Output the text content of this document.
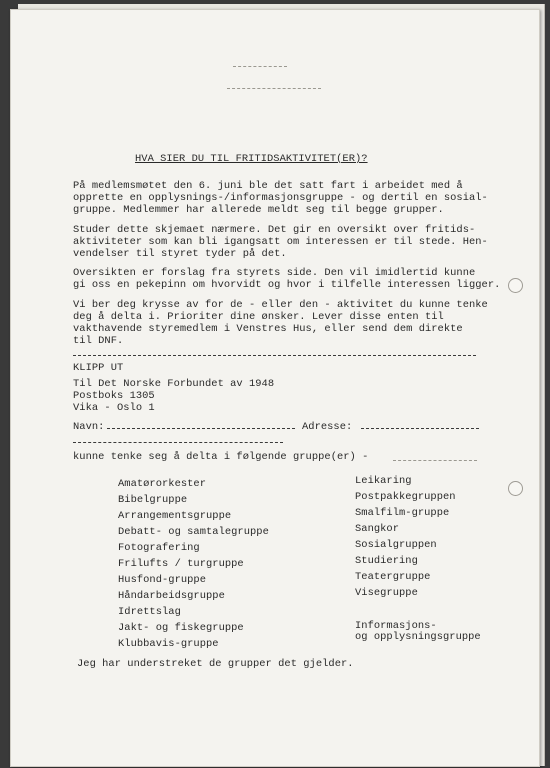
HVA SIER DU TIL FRITIDSAKTIVITET(ER)?
På medlemsmøtet den 6. juni ble det satt fart i arbeidet med å
opprette en opplysnings-/informasjonsgruppe - og dertil en sosial-
gruppe. Medlemmer har allerede meldt seg til begge grupper.
Studer dette skjemaet nærmere. Det gir en oversikt over fritids-
aktiviteter som kan bli igangsatt om interessen er til stede. Hen-
vendelser til styret tyder på det.
Oversikten er forslag fra styrets side. Den vil imidlertid kunne
gi oss en pekepinn om hvorvidt og hvor i tilfelle interessen ligger.
Vi ber deg krysse av for de - eller den - aktivitet du kunne tenke
deg å delta i. Prioriter dine ønsker. Lever disse enten til
vakthavende styremedlem i Venstres Hus, eller send dem direkte
til DNF.
KLIPP UT
Til Det Norske Forbundet av 1948
Postboks 1305
Vika - Oslo 1
Navn:	Adresse:
kunne tenke seg å delta i følgende gruppe(er) -
Amatørorkester
Bibelgruppe
Arrangementsgruppe
Debatt- og samtalegruppe
Fotografering
Frilufts / turgruppe
Husfond-gruppe
Håndarbeidsgruppe
Idrettslag
Jakt- og fiskegruppe
Klubbavis-gruppe
Leikaring
Postpakkegruppen
Smalfilm-gruppe
Sangkor
Sosialgruppen
Studiering
Teatergruppe
Visegruppe
Informasjons-
og opplysningsgruppe
Jeg har understreket de grupper det gjelder.
